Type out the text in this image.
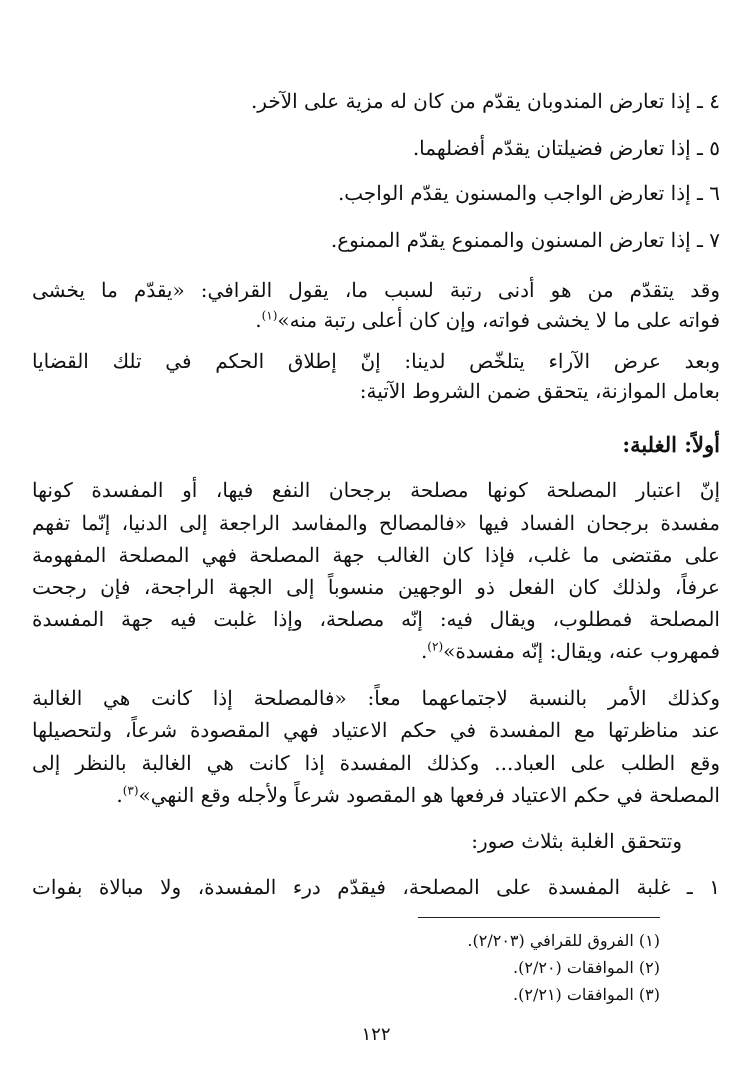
٤ ـ إذا تعارض المندوبان يقدّم من كان له مزية على الآخر.
٥ ـ إذا تعارض فضيلتان يقدّم أفضلهما.
٦ ـ إذا تعارض الواجب والمسنون يقدّم الواجب.
٧ ـ إذا تعارض المسنون والممنوع يقدّم الممنوع.
وقد يتقدّم من هو أدنى رتبة لسبب ما، يقول القرافي: «يقدّم ما يخشى
فواته على ما لا يخشى فواته، وإن كان أعلى رتبة منه»$^{(١)}$.
وبعد عرض الآراء يتلخّص لدينا: إنّ إطلاق الحكم في تلك القضايا
بعامل الموازنة، يتحقق ضمن الشروط الآتية:
أولاً: الغلبة:
إنّ اعتبار المصلحة كونها مصلحة برجحان النفع فيها، أو المفسدة كونها
مفسدة برجحان الفساد فيها «فالمصالح والمفاسد الراجعة إلى الدنيا، إنّما تفهم
على مقتضى ما غلب، فإذا كان الغالب جهة المصلحة فهي المصلحة المفهومة
عرفاً، ولذلك كان الفعل ذو الوجهين منسوباً إلى الجهة الراجحة، فإن رجحت
المصلحة فمطلوب، ويقال فيه: إنّه مصلحة، وإذا غلبت فيه جهة المفسدة
فمهروب عنه، ويقال: إنّه مفسدة»$^{(٢)}$.
وكذلك الأمر بالنسبة لاجتماعهما معاً: «فالمصلحة إذا كانت هي الغالبة
عند مناظرتها مع المفسدة في حكم الاعتياد فهي المقصودة شرعاً، ولتحصيلها
وقع الطلب على العباد... وكذلك المفسدة إذا كانت هي الغالبة بالنظر إلى
المصلحة في حكم الاعتياد فرفعها هو المقصود شرعاً ولأجله وقع النهي»$^{(٣)}$.
وتتحقق الغلبة بثلاث صور:
١ ـ غلبة المفسدة على المصلحة، فيقدّم درء المفسدة، ولا مبالاة بفوات
(١) الفروق للقرافي (٢/٢٠٣).
(٢) الموافقات (٢/٢٠).
(٣) الموافقات (٢/٢١).
١٢٢
